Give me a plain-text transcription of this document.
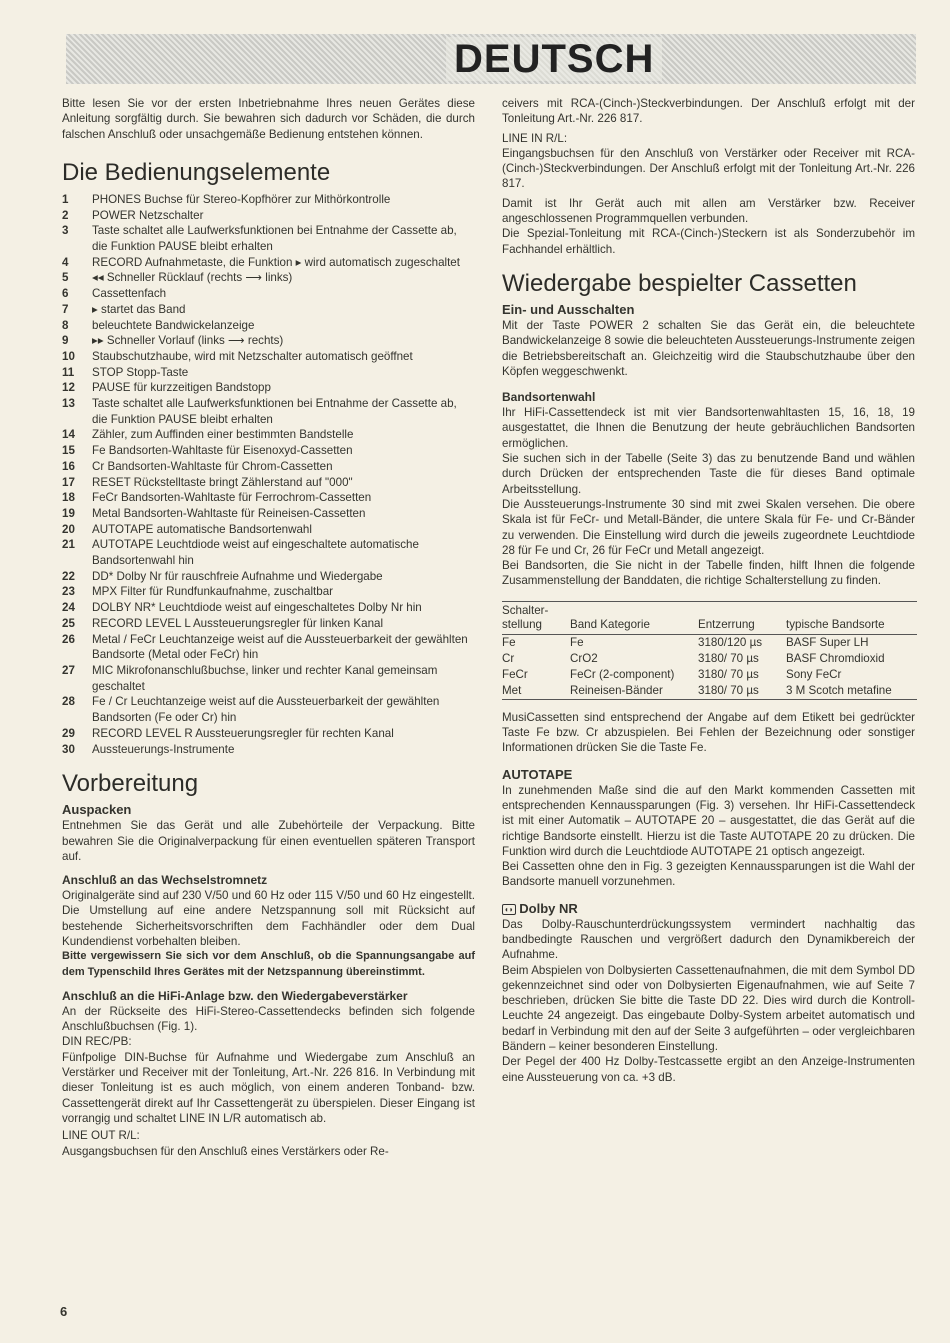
DEUTSCH

Bitte lesen Sie vor der ersten Inbetriebnahme Ihres neuen Gerätes diese Anleitung sorgfältig durch. Sie bewahren sich dadurch vor Schäden, die durch falschen Anschluß oder unsachgemäße Bedienung entstehen können.

Die Bedienungselemente
1	PHONES Buchse für Stereo-Kopfhörer zur Mithörkontrolle
2	POWER Netzschalter
3	Taste schaltet alle Laufwerksfunktionen bei Entnahme der Cassette ab, die Funktion PAUSE bleibt erhalten
4	RECORD Aufnahmetaste, die Funktion ▸ wird automatisch zugeschaltet
5	◂◂ Schneller Rücklauf (rechts ⟶ links)
6	Cassettenfach
7	▸ startet das Band
8	beleuchtete Bandwickelanzeige
9	▸▸ Schneller Vorlauf (links ⟶ rechts)
10	Staubschutzhaube, wird mit Netzschalter automatisch geöffnet
11	STOP Stopp-Taste
12	PAUSE für kurzzeitigen Bandstopp
13	Taste schaltet alle Laufwerksfunktionen bei Entnahme der Cassette ab, die Funktion PAUSE bleibt erhalten
14	Zähler, zum Auffinden einer bestimmten Bandstelle
15	Fe Bandsorten-Wahltaste für Eisenoxyd-Cassetten
16	Cr Bandsorten-Wahltaste für Chrom-Cassetten
17	RESET Rückstelltaste bringt Zählerstand auf "000"
18	FeCr Bandsorten-Wahltaste für Ferrochrom-Cassetten
19	Metal Bandsorten-Wahltaste für Reineisen-Cassetten
20	AUTOTAPE automatische Bandsortenwahl
21	AUTOTAPE Leuchtdiode weist auf eingeschaltete automatische Bandsortenwahl hin
22	DD* Dolby Nr für rauschfreie Aufnahme und Wiedergabe
23	MPX Filter für Rundfunkaufnahme, zuschaltbar
24	DOLBY NR* Leuchtdiode weist auf eingeschaltetes Dolby Nr hin
25	RECORD LEVEL L Aussteuerungsregler für linken Kanal
26	Metal / FeCr Leuchtanzeige weist auf die Aussteuerbarkeit der gewählten Bandsorte (Metal oder FeCr) hin
27	MIC Mikrofonanschlußbuchse, linker und rechter Kanal gemeinsam geschaltet
28	Fe / Cr Leuchtanzeige weist auf die Aussteuerbarkeit der gewählten Bandsorten (Fe oder Cr) hin
29	RECORD LEVEL R Aussteuerungsregler für rechten Kanal
30	Aussteuerungs-Instrumente
Vorbereitung
Auspacken

Entnehmen Sie das Gerät und alle Zubehörteile der Verpackung. Bitte bewahren Sie die Originalverpackung für einen eventuellen späteren Transport auf.

Anschluß an das Wechselstromnetz

Originalgeräte sind auf 230 V/50 und 60 Hz oder 115 V/50 und 60 Hz eingestellt. Die Umstellung auf eine andere Netzspannung soll mit Rücksicht auf bestehende Sicherheitsvorschriften dem Fachhändler oder dem Dual Kundendienst vorbehalten bleiben.

Bitte vergewissern Sie sich vor dem Anschluß, ob die Spannungsangabe auf dem Typenschild Ihres Gerätes mit der Netzspannung übereinstimmt.

Anschluß an die HiFi-Anlage bzw. den Wiedergabeverstärker

An der Rückseite des HiFi-Stereo-Cassettendecks befinden sich folgende Anschlußbuchsen (Fig. 1).

DIN REC/PB:

Fünfpolige DIN-Buchse für Aufnahme und Wiedergabe zum Anschluß an Verstärker und Receiver mit der Tonleitung, Art.-Nr. 226 816. In Verbindung mit dieser Tonleitung ist es auch möglich, von einem anderen Tonband- bzw. Cassettengerät direkt auf Ihr Cassettengerät zu überspielen. Dieser Eingang ist vorrangig und schaltet LINE IN L/R automatisch ab.

LINE OUT R/L:

Ausgangsbuchsen für den Anschluß eines Verstärkers oder Re-

ceivers mit RCA-(Cinch-)Steckverbindungen. Der Anschluß erfolgt mit der Tonleitung Art.-Nr. 226 817.

LINE IN R/L:

Eingangsbuchsen für den Anschluß von Verstärker oder Receiver mit RCA-(Cinch-)Steckverbindungen. Der Anschluß erfolgt mit der Tonleitung Art.-Nr. 226 817.

Damit ist Ihr Gerät auch mit allen am Verstärker bzw. Receiver angeschlossenen Programmquellen verbunden.

Die Spezial-Tonleitung mit RCA-(Cinch-)Steckern ist als Sonderzubehör im Fachhandel erhältlich.

Wiedergabe bespielter Cassetten
Ein- und Ausschalten

Mit der Taste POWER 2 schalten Sie das Gerät ein, die beleuchtete Bandwickelanzeige 8 sowie die beleuchteten Aussteuerungs-Instrumente zeigen die Betriebsbereitschaft an. Gleichzeitig wird die Staubschutzhaube über den Köpfen weggeschwenkt.

Bandsortenwahl

Ihr HiFi-Cassettendeck ist mit vier Bandsortenwahltasten 15, 16, 18, 19 ausgestattet, die Ihnen die Benutzung der heute gebräuchlichen Bandsorten ermöglichen.

Sie suchen sich in der Tabelle (Seite 3) das zu benutzende Band und wählen durch Drücken der entsprechenden Taste die für dieses Band optimale Arbeitsstellung.

Die Aussteuerungs-Instrumente 30 sind mit zwei Skalen versehen. Die obere Skala ist für FeCr- und Metall-Bänder, die untere Skala für Fe- und Cr-Bänder zu verwenden. Die Einstellung wird durch die jeweils zugeordnete Leuchtdiode 28 für Fe und Cr, 26 für FeCr und Metall angezeigt.

Bei Bandsorten, die Sie nicht in der Tabelle finden, hilft Ihnen die folgende Zusammenstellung der Banddaten, die richtige Schalterstellung zu finden.

Schalter-stellung	Band Kategorie	Entzerrung	typische Bandsorte
Fe	Fe	3180/120 µs	BASF Super LH
Cr	CrO2	3180/ 70 µs	BASF Chromdioxid
FeCr	FeCr (2-component)	3180/ 70 µs	Sony FeCr
Met	Reineisen-Bänder	3180/ 70 µs	3 M Scotch metafine

MusiCassetten sind entsprechend der Angabe auf dem Etikett bei gedrückter Taste Fe bzw. Cr abzuspielen. Bei Fehlen der Bezeichnung oder sonstiger Informationen drücken Sie die Taste Fe.

AUTOTAPE

In zunehmenden Maße sind die auf den Markt kommenden Cassetten mit entsprechenden Kennaussparungen (Fig. 3) versehen. Ihr HiFi-Cassettendeck ist mit einer Automatik – AUTOTAPE 20 – ausgestattet, die das Gerät auf die richtige Bandsorte einstellt. Hierzu ist die Taste AUTOTAPE 20 zu drücken. Die Funktion wird durch die Leuchtdiode AUTOTAPE 21 optisch angezeigt.

Bei Cassetten ohne den in Fig. 3 gezeigten Kennaussparungen ist die Wahl der Bandsorte manuell vorzunehmen.

◖◗ Dolby NR

Das Dolby-Rauschunterdrückungssystem vermindert nachhaltig das bandbedingte Rauschen und vergrößert dadurch den Dynamikbereich der Aufnahme.

Beim Abspielen von Dolbysierten Cassettenaufnahmen, die mit dem Symbol DD gekennzeichnet sind oder von Dolbysierten Eigenaufnahmen, wie auf Seite 7 beschrieben, drücken Sie bitte die Taste DD 22. Dies wird durch die Kontroll-Leuchte 24 angezeigt. Das eingebaute Dolby-System arbeitet automatisch und bedarf in Verbindung mit den auf der Seite 3 aufgeführten – oder vergleichbaren Bändern – keiner besonderen Einstellung.

Der Pegel der 400 Hz Dolby-Testcassette ergibt an den Anzeige-Instrumenten eine Aussteuerung von ca. +3 dB.

6
